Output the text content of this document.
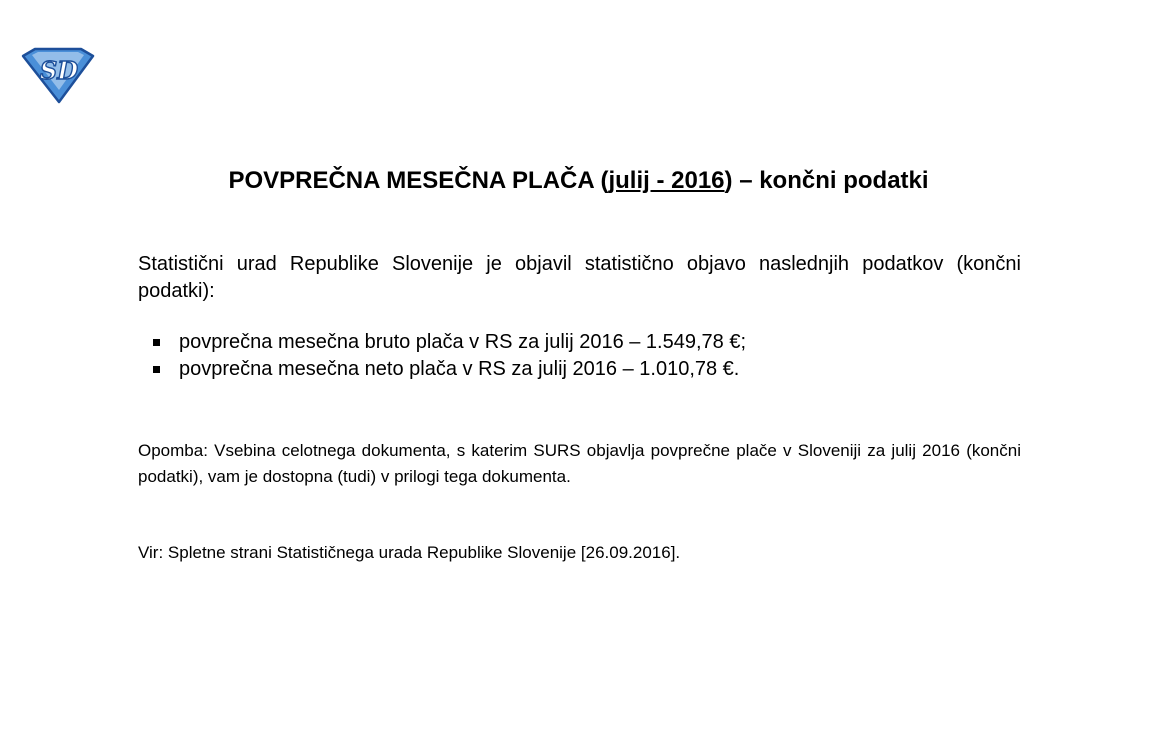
SD
POVPREČNA MESEČNA PLAČA (julij - 2016) – končni podatki
Statistični urad Republike Slovenije je objavil statistično objavo naslednjih podatkov (končni podatki):
povprečna mesečna bruto plača v RS za julij 2016 – 1.549,78 €;
povprečna mesečna neto plača v RS za julij 2016 – 1.010,78 €.
Opomba: Vsebina celotnega dokumenta, s katerim SURS objavlja povprečne plače v Sloveniji za julij 2016 (končni podatki), vam je dostopna (tudi) v prilogi tega dokumenta.
Vir: Spletne strani Statističnega urada Republike Slovenije [26.09.2016].
